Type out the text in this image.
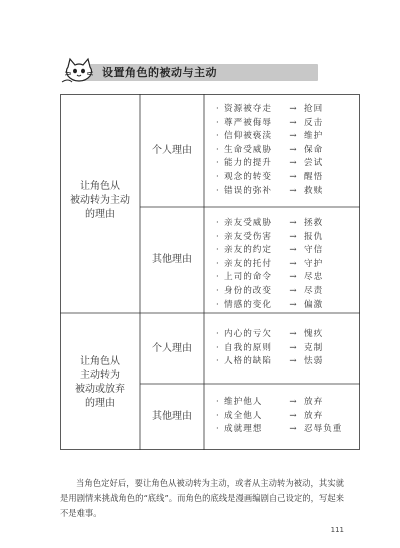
设置角色的被动与主动
让角色从
被动转为主动
的理由
个人理由
· 资源被夺走	→ 抢回
· 尊严被侮辱	→ 反击
· 信仰被亵渎	→ 维护
· 生命受威胁	→ 保命
· 能力的提升	→ 尝试
· 观念的转变	→ 醒悟
· 错误的弥补	→ 救赎
其他理由
· 亲友受威胁	→ 拯救
· 亲友受伤害	→ 报仇
· 亲友的约定	→ 守信
· 亲友的托付	→ 守护
· 上司的命令	→ 尽忠
· 身份的改变	→ 尽责
· 情感的变化	→ 偏激
让角色从
主动转为
被动或放弃
的理由
个人理由
· 内心的亏欠	→ 愧疚
· 自我的原则	→ 克制
· 人格的缺陷	→ 怯弱
其他理由
· 维护他人	→ 放弃
· 成全他人	→ 放弃
· 成就理想	→ 忍辱负重

当角色定好后，要让角色从被动转为主动，或者从主动转为被动，其实就是用剧情来挑战角色的“底线”。而角色的底线是漫画编剧自己设定的，写起来不是难事。

111
